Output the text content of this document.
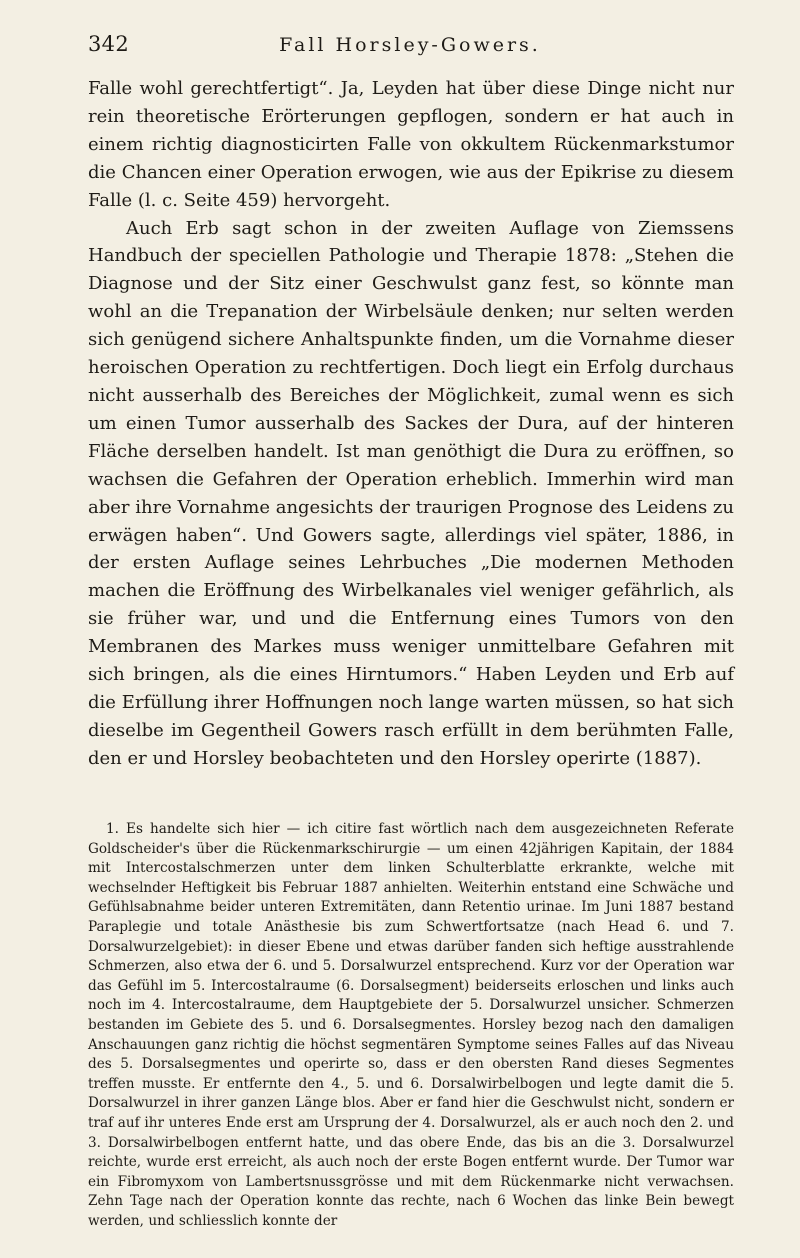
342	Fall Horsley-Gowers.

Falle wohl gerechtfertigt“. Ja, Leyden hat über diese Dinge nicht nur rein theoretische Erörterungen gepflogen, sondern er hat auch in einem richtig diagnosticirten Falle von okkultem Rückenmarkstumor die Chancen einer Operation erwogen, wie aus der Epikrise zu diesem Falle (l. c. Seite 459) hervorgeht.

Auch Erb sagt schon in der zweiten Auflage von Ziemssens Handbuch der speciellen Pathologie und Therapie 1878: „Stehen die Diagnose und der Sitz einer Geschwulst ganz fest, so könnte man wohl an die Trepanation der Wirbelsäule denken; nur selten werden sich genügend sichere Anhaltspunkte finden, um die Vornahme dieser heroischen Operation zu rechtfertigen. Doch liegt ein Erfolg durchaus nicht ausserhalb des Bereiches der Möglichkeit, zumal wenn es sich um einen Tumor ausserhalb des Sackes der Dura, auf der hinteren Fläche derselben handelt. Ist man genöthigt die Dura zu eröffnen, so wachsen die Gefahren der Operation erheblich. Immerhin wird man aber ihre Vornahme angesichts der traurigen Prognose des Leidens zu erwägen haben“. Und Gowers sagte, allerdings viel später, 1886, in der ersten Auflage seines Lehrbuches „Die modernen Methoden machen die Eröffnung des Wirbelkanales viel weniger gefährlich, als sie früher war, und und die Entfernung eines Tumors von den Membranen des Markes muss weniger unmittelbare Gefahren mit sich bringen, als die eines Hirntumors.“ Haben Leyden und Erb auf die Erfüllung ihrer Hoffnungen noch lange warten müssen, so hat sich dieselbe im Gegentheil Gowers rasch erfüllt in dem berühmten Falle, den er und Horsley beobachteten und den Horsley operirte (1887).

1. Es handelte sich hier — ich citire fast wörtlich nach dem ausgezeichneten Referate Goldscheider's über die Rückenmarkschirurgie — um einen 42jährigen Kapitain, der 1884 mit Intercostalschmerzen unter dem linken Schulterblatte erkrankte, welche mit wechselnder Heftigkeit bis Februar 1887 anhielten. Weiterhin entstand eine Schwäche und Gefühlsabnahme beider unteren Extremitäten, dann Retentio urinae. Im Juni 1887 bestand Paraplegie und totale Anästhesie bis zum Schwertfortsatze (nach Head 6. und 7. Dorsalwurzelgebiet): in dieser Ebene und etwas darüber fanden sich heftige ausstrahlende Schmerzen, also etwa der 6. und 5. Dorsalwurzel entsprechend. Kurz vor der Operation war das Gefühl im 5. Intercostalraume (6. Dorsalsegment) beiderseits erloschen und links auch noch im 4. Intercostalraume, dem Hauptgebiete der 5. Dorsalwurzel unsicher. Schmerzen bestanden im Gebiete des 5. und 6. Dorsalsegmentes. Horsley bezog nach den damaligen Anschauungen ganz richtig die höchst segmentären Symptome seines Falles auf das Niveau des 5. Dorsalsegmentes und operirte so, dass er den obersten Rand dieses Segmentes treffen musste. Er entfernte den 4., 5. und 6. Dorsalwirbelbogen und legte damit die 5. Dorsalwurzel in ihrer ganzen Länge blos. Aber er fand hier die Geschwulst nicht, sondern er traf auf ihr unteres Ende erst am Ursprung der 4. Dorsalwurzel, als er auch noch den 2. und 3. Dorsalwirbelbogen entfernt hatte, und das obere Ende, das bis an die 3. Dorsalwurzel reichte, wurde erst erreicht, als auch noch der erste Bogen entfernt wurde. Der Tumor war ein Fibromyxom von Lambertsnussgrösse und mit dem Rückenmarke nicht verwachsen. Zehn Tage nach der Operation konnte das rechte, nach 6 Wochen das linke Bein bewegt werden, und schliesslich konnte der
